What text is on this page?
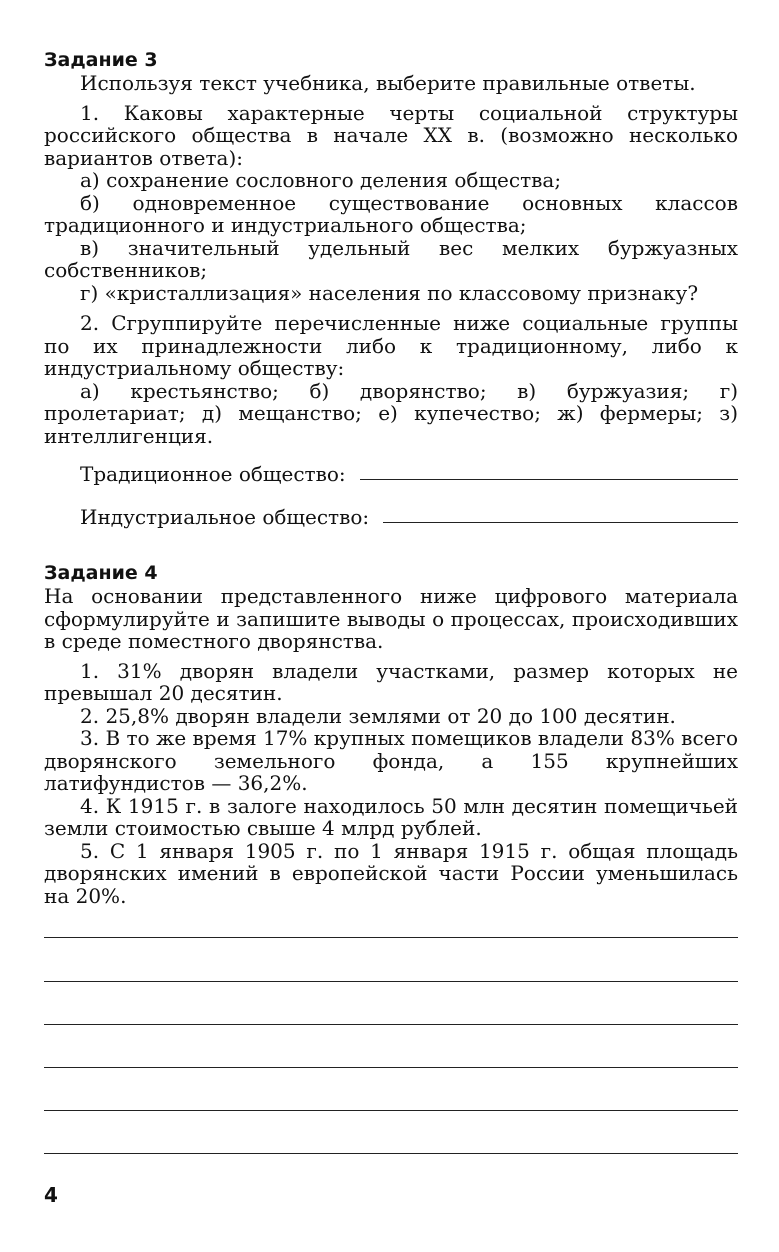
Задание 3

Используя текст учебника, выберите правильные ответы.

1. Каковы характерные черты социальной структуры российского общества в начале XX в. (возможно несколько вариантов ответа):

а) сохранение сословного деления общества;

б) одновременное существование основных классов традиционного и индустриального общества;

в) значительный удельный вес мелких буржуазных собственников;

г) «кристаллизация» населения по классовому признаку?

2. Сгруппируйте перечисленные ниже социальные группы по их принадлежности либо к традиционному, либо к индустриальному обществу:

а) крестьянство; б) дворянство; в) буржуазия; г) пролетариат; д) мещанство; е) купечество; ж) фермеры; з) интеллигенция.

Традиционное общество:
Индустриальное общество:
Задание 4

На основании представленного ниже цифрового материала сформулируйте и запишите выводы о процессах, происходивших в среде поместного дворянства.

1. 31% дворян владели участками, размер которых не превышал 20 десятин.

2. 25,8% дворян владели землями от 20 до 100 десятин.

3. В то же время 17% крупных помещиков владели 83% всего дворянского земельного фонда, а 155 крупнейших латифундистов — 36,2%.

4. К 1915 г. в залоге находилось 50 млн десятин помещичьей земли стоимостью свыше 4 млрд рублей.

5. С 1 января 1905 г. по 1 января 1915 г. общая площадь дворянских имений в европейской части России уменьшилась на 20%.

4
